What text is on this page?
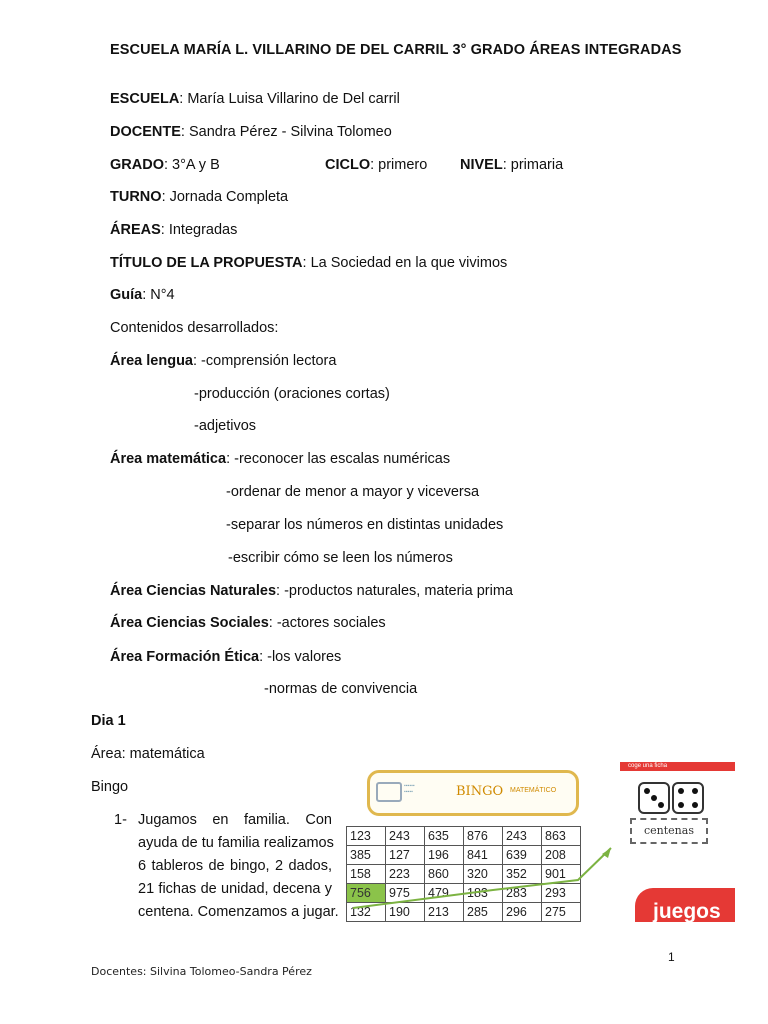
ESCUELA MARÍA L. VILLARINO DE DEL CARRIL 3° GRADO ÁREAS INTEGRADAS
ESCUELA: María Luisa Villarino de Del carril
DOCENTE: Sandra Pérez - Silvina Tolomeo
GRADO: 3°A y B	CICLO: primero NIVEL: primaria
TURNO: Jornada Completa
ÁREAS: Integradas
TÍTULO DE LA PROPUESTA: La Sociedad en la que vivimos
Guía: N°4
Contenidos desarrollados:
Área lengua: -comprensión lectora
-producción (oraciones cortas)
-adjetivos
Área matemática: -reconocer las escalas numéricas
-ordenar de menor a mayor y viceversa
-separar los números en distintas unidades
-escribir cómo se leen los números
Área Ciencias Naturales: -productos naturales, materia prima
Área Ciencias Sociales: -actores sociales
Área Formación Ética: -los valores
-normas de convivencia
Dia 1
Área: matemática
Bingo
1- Jugamos en familia. Con
ayuda de tu familia realizamos
6 tableros de bingo, 2 dados,
21 fichas de unidad, decena y
centena. Comenzamos a jugar.
▪▪▪▪▪▪
▪▪▪▪▪	BINGO MATEMÁTICO
123	243	635	876	243	863
385	127	196	841	639	208
158	223	860	320	352	901
756	975	479	183	283	293
132	190	213	285	296	275
coge una ficha
centenas
juegos
Docentes: Silvina Tolomeo-Sandra Pérez
1
